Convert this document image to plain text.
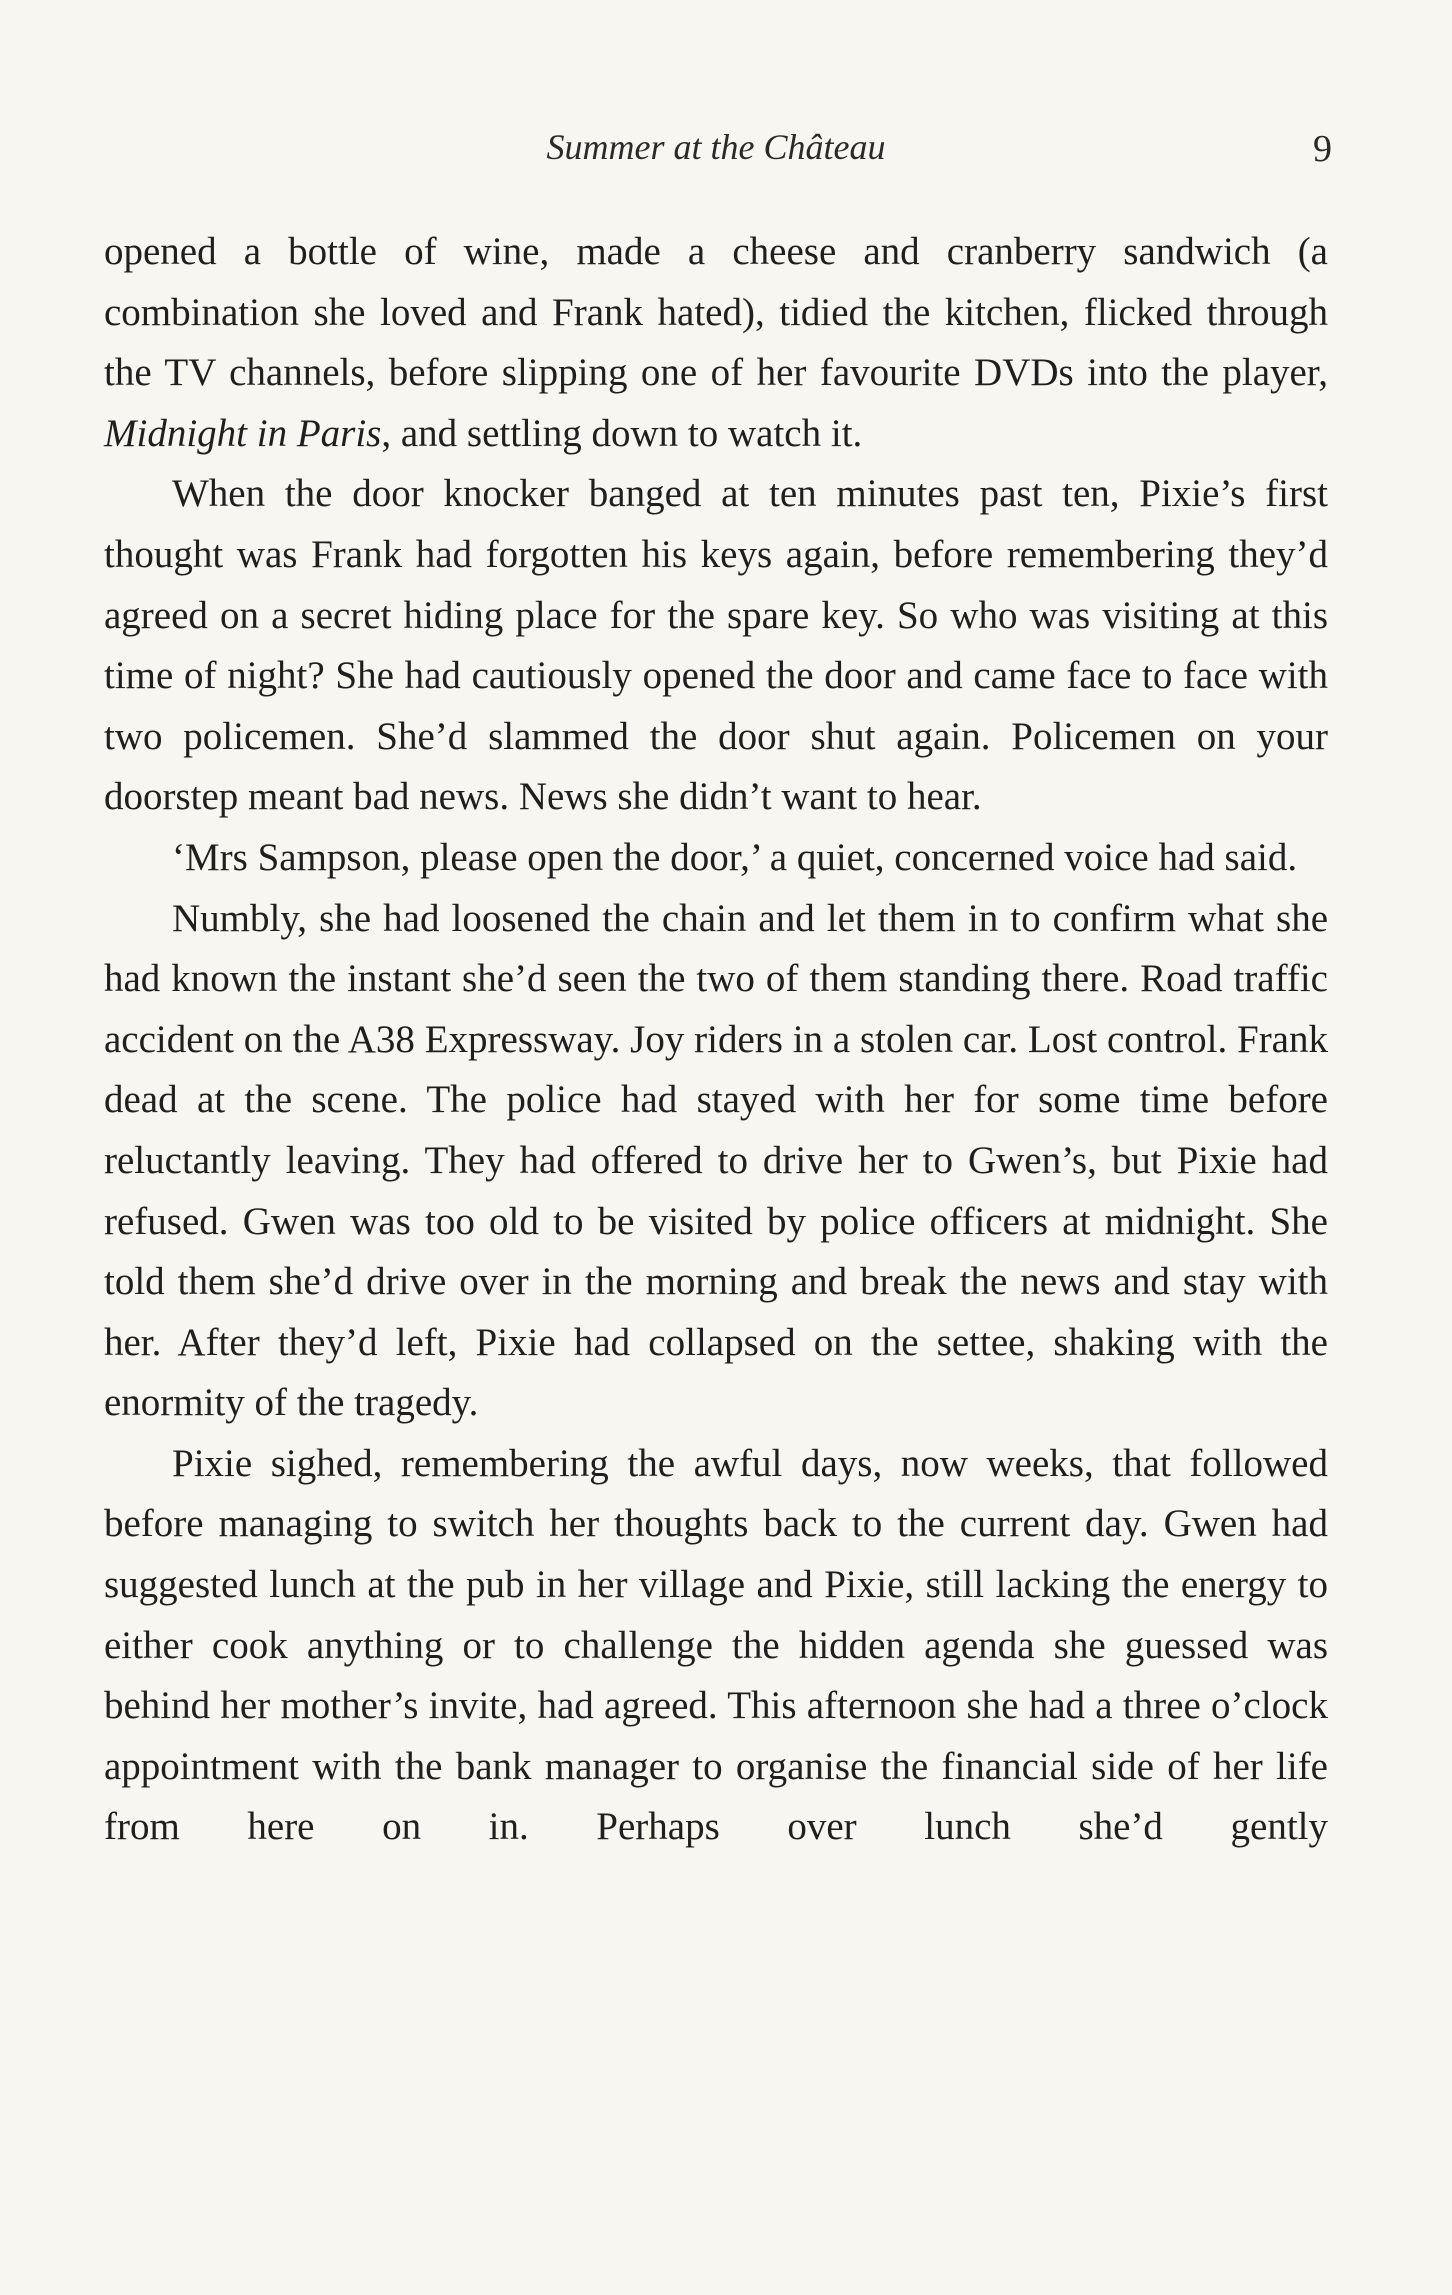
Summer at the Château	9

opened a bottle of wine, made a cheese and cranberry sandwich (a combination she loved and Frank hated), tidied the kitchen, flicked through the TV channels, before slipping one of her favourite DVDs into the player, Midnight in Paris, and settling down to watch it.

When the door knocker banged at ten minutes past ten, Pixie’s first thought was Frank had forgotten his keys again, before remembering they’d agreed on a secret hiding place for the spare key. So who was visiting at this time of night? She had cautiously opened the door and came face to face with two policemen. She’d slammed the door shut again. Policemen on your doorstep meant bad news. News she didn’t want to hear.

‘Mrs Sampson, please open the door,’ a quiet, concerned voice had said.

Numbly, she had loosened the chain and let them in to confirm what she had known the instant she’d seen the two of them standing there. Road traffic accident on the A38 Expressway. Joy riders in a stolen car. Lost control. Frank dead at the scene. The police had stayed with her for some time before reluctantly leaving. They had offered to drive her to Gwen’s, but Pixie had refused. Gwen was too old to be visited by police officers at midnight. She told them she’d drive over in the morning and break the news and stay with her. After they’d left, Pixie had collapsed on the settee, shaking with the enormity of the tragedy.

Pixie sighed, remembering the awful days, now weeks, that followed before managing to switch her thoughts back to the current day. Gwen had suggested lunch at the pub in her village and Pixie, still lacking the energy to either cook anything or to challenge the hidden agenda she guessed was behind her mother’s invite, had agreed. This afternoon she had a three o’clock appointment with the bank manager to organise the financial side of her life from here on in. Perhaps over lunch she’d gently
